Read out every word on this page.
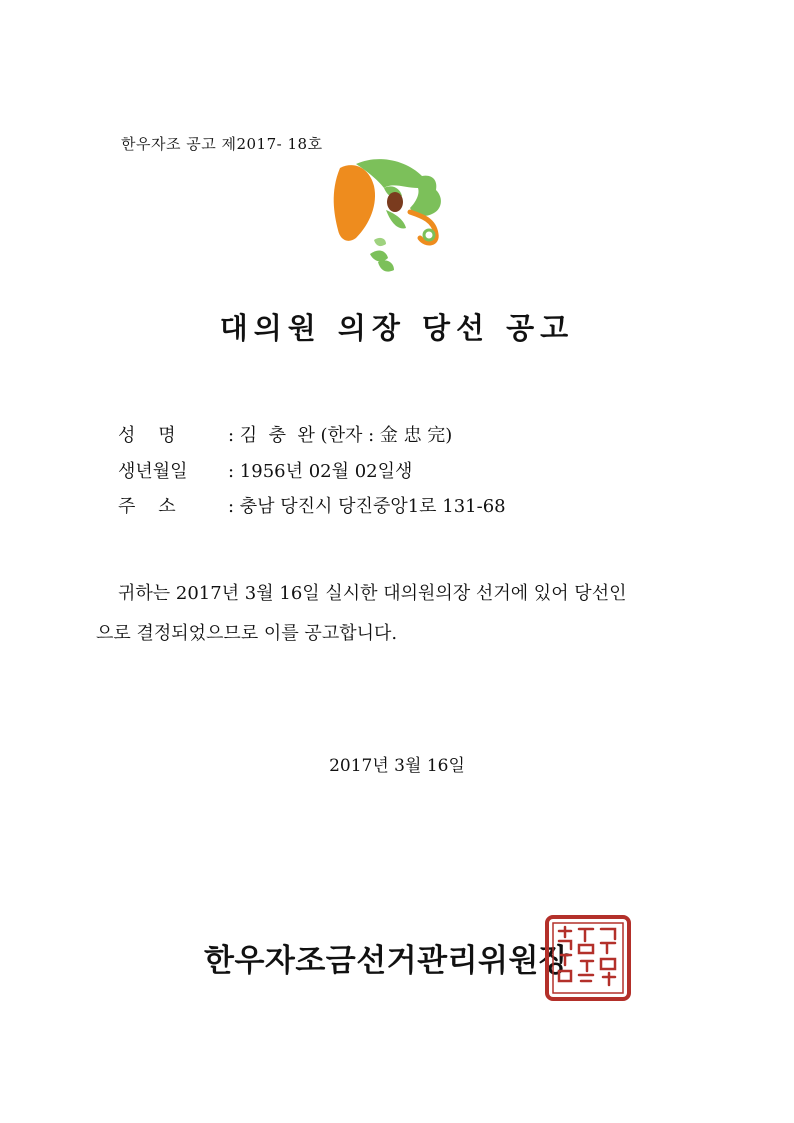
한우자조 공고 제2017- 18호
대의원 의장 당선 공고
성    명	: 김  충  완 (한자 : 金 忠 完)
생년월일 : 1956년 02월 02일생
주    소	: 충남 당진시 당진중앙1로 131-68
귀하는 2017년 3월 16일 실시한 대의원의장 선거에 있어 당선인
으로 결정되었으므로 이를 공고합니다.
2017년 3월 16일
한우자조금선거관리위원장
